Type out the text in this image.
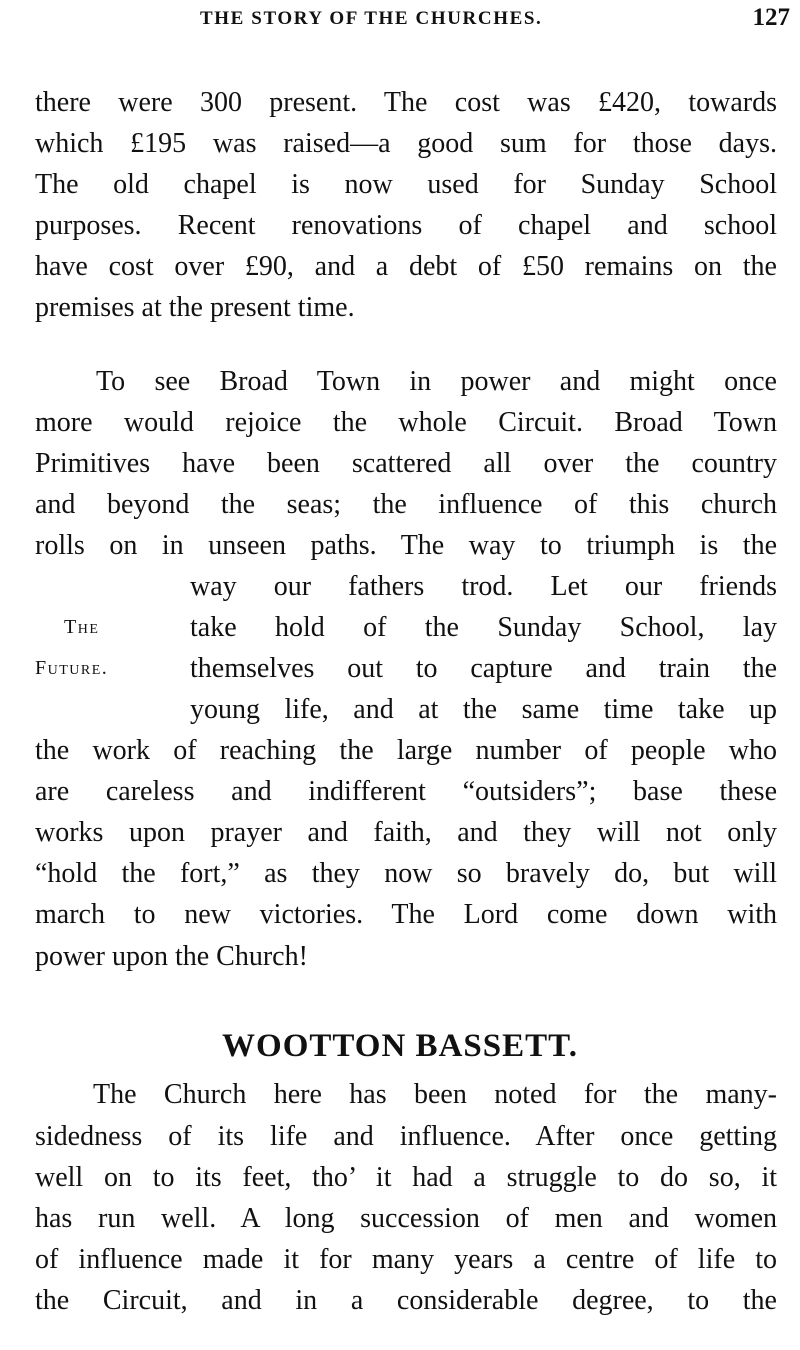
THE STORY OF THE CHURCHES.	127
there were 300 present. The cost was £420, towards
which £195 was raised—a good sum for those days.
The old chapel is now used for Sunday School
purposes. Recent renovations of chapel and school
have cost over £90, and a debt of £50 remains on the
premises at the present time.
To see Broad Town in power and might once
more would rejoice the whole Circuit. Broad Town
Primitives have been scattered all over the country
and beyond the seas; the influence of this church
rolls on in unseen paths. The way to triumph is the
way our fathers trod. Let our friends
take hold of the Sunday School, lay
themselves out to capture and train the
young life, and at the same time take up
the work of reaching the large number of people who
are careless and indifferent “outsiders”; base these
works upon prayer and faith, and they will not only
“hold the fort,” as they now so bravely do, but will
march to new victories. The Lord come down with
power upon the Church!
The
Future.
WOOTTON BASSETT.
The Church here has been noted for the many-
sidedness of its life and influence. After once getting
well on to its feet, tho’ it had a struggle to do so, it
has run well. A long succession of men and women
of influence made it for many years a centre of life to
the Circuit, and in a considerable degree, to the
